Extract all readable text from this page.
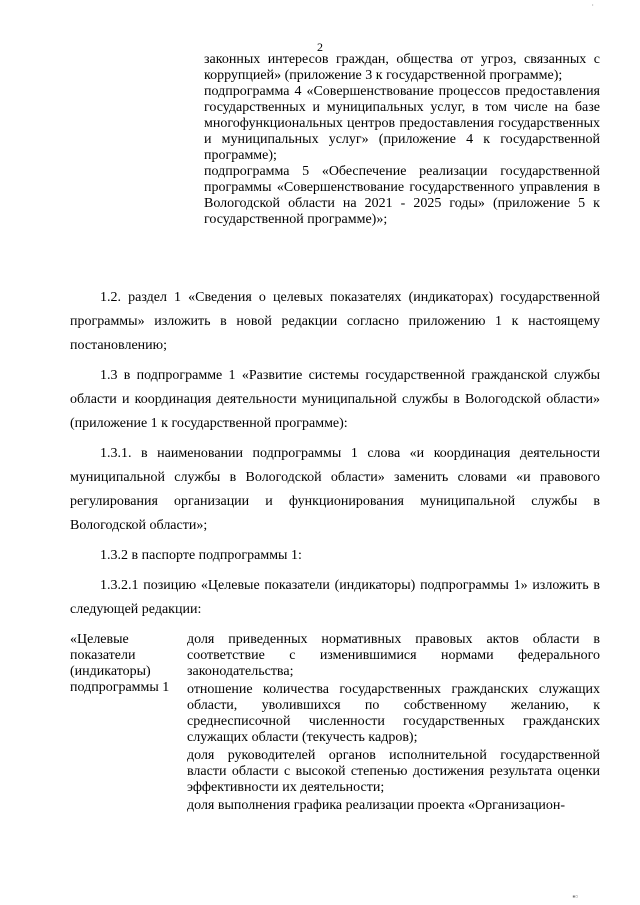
·
2

законных интересов граждан, общества от угроз, связанных с коррупцией» (приложение 3 к государственной программе);

подпрограмма 4 «Совершенствование процессов предоставления государственных и муниципальных услуг, в том числе на базе многофункциональных центров предоставления государственных и муниципальных услуг» (приложение 4 к государственной программе);

подпрограмма 5 «Обеспечение реализации государственной программы «Совершенствование государственного управления в Вологодской области на 2021 - 2025 годы» (приложение 5 к государственной программе)»;

1.2. раздел 1 «Сведения о целевых показателях (индикаторах) государственной программы» изложить в новой редакции согласно приложению 1 к настоящему постановлению;

1.3 в подпрограмме 1 «Развитие системы государственной гражданской службы области и координация деятельности муниципальной службы в Вологодской области» (приложение 1 к государственной программе):

1.3.1. в наименовании подпрограммы 1 слова «и координация деятельности муниципальной службы в Вологодской области» заменить словами «и правового регулирования организации и функционирования муниципальной службы в Вологодской области»;

1.3.2 в паспорте подпрограммы 1:

1.3.2.1 позицию «Целевые показатели (индикаторы) подпрограммы 1» изложить в следующей редакции:

«Целевые показатели (индикаторы) подпрограммы 1

доля приведенных нормативных правовых актов области в соответствие с изменившимися нормами федерального законодательства;

отношение количества государственных гражданских служащих области, уволившихся по собственному желанию, к среднесписочной численности государственных гражданских служащих области (текучесть кадров);

доля руководителей органов исполнительной государственной власти области с высокой степенью достижения результата оценки эффективности их деятельности;

доля выполнения графика реализации проекта «Организацион-

▪▫
